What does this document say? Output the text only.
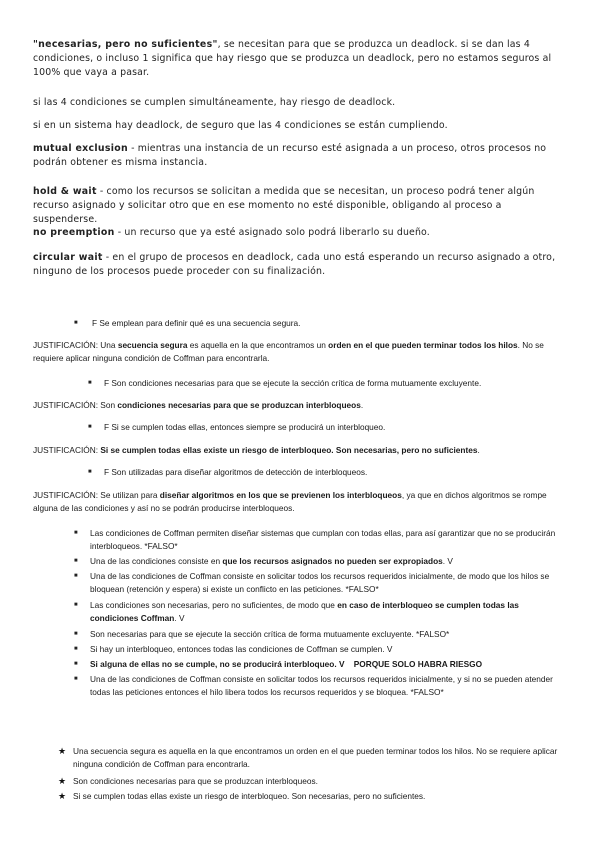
"necesarias, pero no suficientes", se necesitan para que se produzca un deadlock. si se dan las 4 condiciones, o incluso 1 significa que hay riesgo que se produzca un deadlock, pero no estamos seguros al 100% que vaya a pasar.
si las 4 condiciones se cumplen simultáneamente, hay riesgo de deadlock.
si en un sistema hay deadlock, de seguro que las 4 condiciones se están cumpliendo.
mutual exclusion - mientras una instancia de un recurso esté asignada a un proceso, otros procesos no podrán obtener es misma instancia.
hold & wait - como los recursos se solicitan a medida que se necesitan, un proceso podrá tener algún recurso asignado y solicitar otro que en ese momento no esté disponible, obligando al proceso a suspenderse.
no preemption - un recurso que ya esté asignado solo podrá liberarlo su dueño.
circular wait - en el grupo de procesos en deadlock, cada uno está esperando un recurso asignado a otro, ninguno de los procesos puede proceder con su finalización.
■ F Se emplean para definir qué es una secuencia segura.
JUSTIFICACIÓN: Una secuencia segura es aquella en la que encontramos un orden en el que pueden terminar todos los hilos. No se requiere aplicar ninguna condición de Coffman para encontrarla.
■ F Son condiciones necesarias para que se ejecute la sección crítica de forma mutuamente excluyente.
JUSTIFICACIÓN: Son condiciones necesarias para que se produzcan interbloqueos.
■ F Si se cumplen todas ellas, entonces siempre se producirá un interbloqueo.
JUSTIFICACIÓN: Si se cumplen todas ellas existe un riesgo de interbloqueo. Son necesarias, pero no suficientes.
■ F Son utilizadas para diseñar algoritmos de detección de interbloqueos.
JUSTIFICACIÓN: Se utilizan para diseñar algoritmos en los que se previenen los interbloqueos, ya que en dichos algoritmos se rompe alguna de las condiciones y así no se podrán producirse interbloqueos.
■ Las condiciones de Coffman permiten diseñar sistemas que cumplan con todas ellas, para así garantizar que no se producirán interbloqueos. *FALSO*
■ Una de las condiciones consiste en que los recursos asignados no pueden ser expropiados. V
■ Una de las condiciones de Coffman consiste en solicitar todos los recursos requeridos inicialmente, de modo que los hilos se bloquean (retención y espera) si existe un conflicto en las peticiones. *FALSO*
■ Las condiciones son necesarias, pero no suficientes, de modo que en caso de interbloqueo se cumplen todas las condiciones Coffman. V
■ Son necesarias para que se ejecute la sección crítica de forma mutuamente excluyente. *FALSO*
■ Si hay un interbloqueo, entonces todas las condiciones de Coffman se cumplen. V
■ Si alguna de ellas no se cumple, no se producirá interbloqueo. V    PORQUE SOLO HABRA RIESGO
■ Una de las condiciones de Coffman consiste en solicitar todos los recursos requeridos inicialmente, y si no se pueden atender todas las peticiones entonces el hilo libera todos los recursos requeridos y se bloquea. *FALSO*
★ Una secuencia segura es aquella en la que encontramos un orden en el que pueden terminar todos los hilos. No se requiere aplicar ninguna condición de Coffman para encontrarla.
★ Son condiciones necesarias para que se produzcan interbloqueos.
★ Si se cumplen todas ellas existe un riesgo de interbloqueo. Son necesarias, pero no suficientes.
